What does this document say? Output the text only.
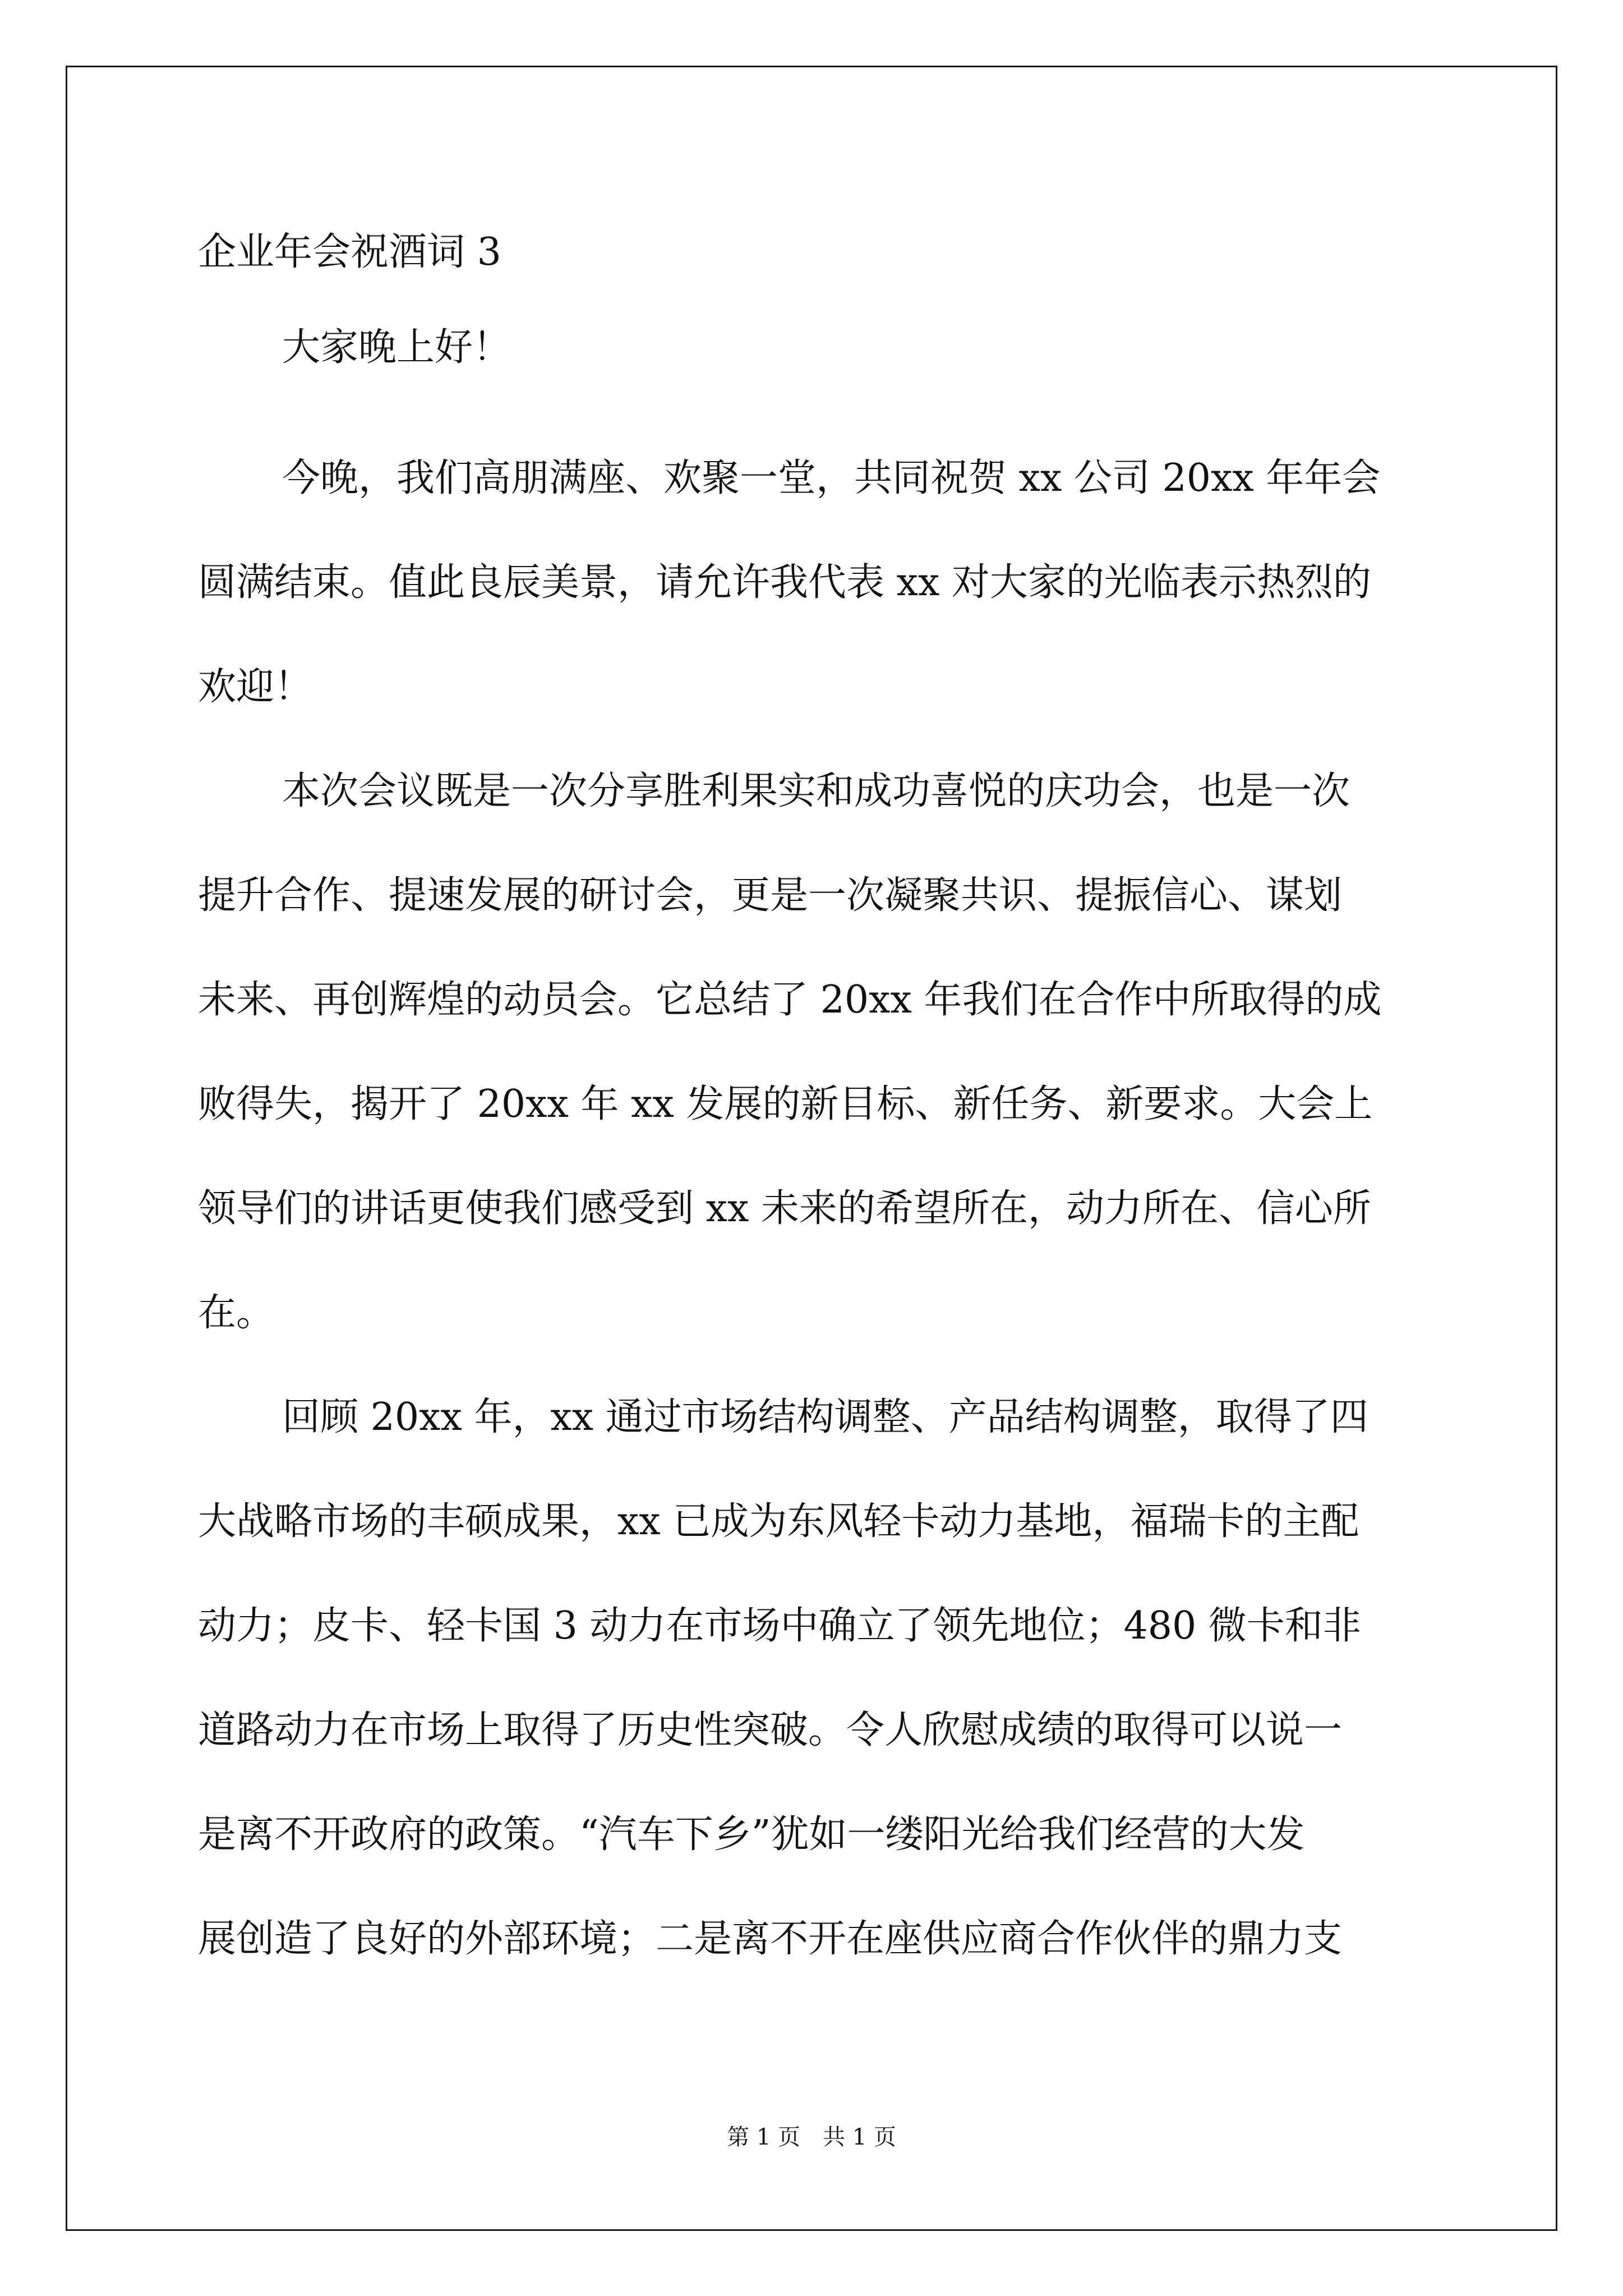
企业年会祝酒词 3

大家晚上好！

今晚，我们高朋满座、欢聚一堂，共同祝贺 xx 公司 20xx 年年会
圆满结束。值此良辰美景，请允许我代表 xx 对大家的光临表示热烈的
欢迎！

本次会议既是一次分享胜利果实和成功喜悦的庆功会，也是一次
提升合作、提速发展的研讨会，更是一次凝聚共识、提振信心、谋划
未来、再创辉煌的动员会。它总结了 20xx 年我们在合作中所取得的成
败得失，揭开了 20xx 年 xx 发展的新目标、新任务、新要求。大会上
领导们的讲话更使我们感受到 xx 未来的希望所在，动力所在、信心所
在。

回顾 20xx 年，xx 通过市场结构调整、产品结构调整，取得了四
大战略市场的丰硕成果，xx 已成为东风轻卡动力基地，福瑞卡的主配
动力；皮卡、轻卡国 3 动力在市场中确立了领先地位；480 微卡和非
道路动力在市场上取得了历史性突破。令人欣慰成绩的取得可以说一
是离不开政府的政策。“汽车下乡”犹如一缕阳光给我们经营的大发
展创造了良好的外部环境；二是离不开在座供应商合作伙伴的鼎力支

第 1 页 共 1 页
